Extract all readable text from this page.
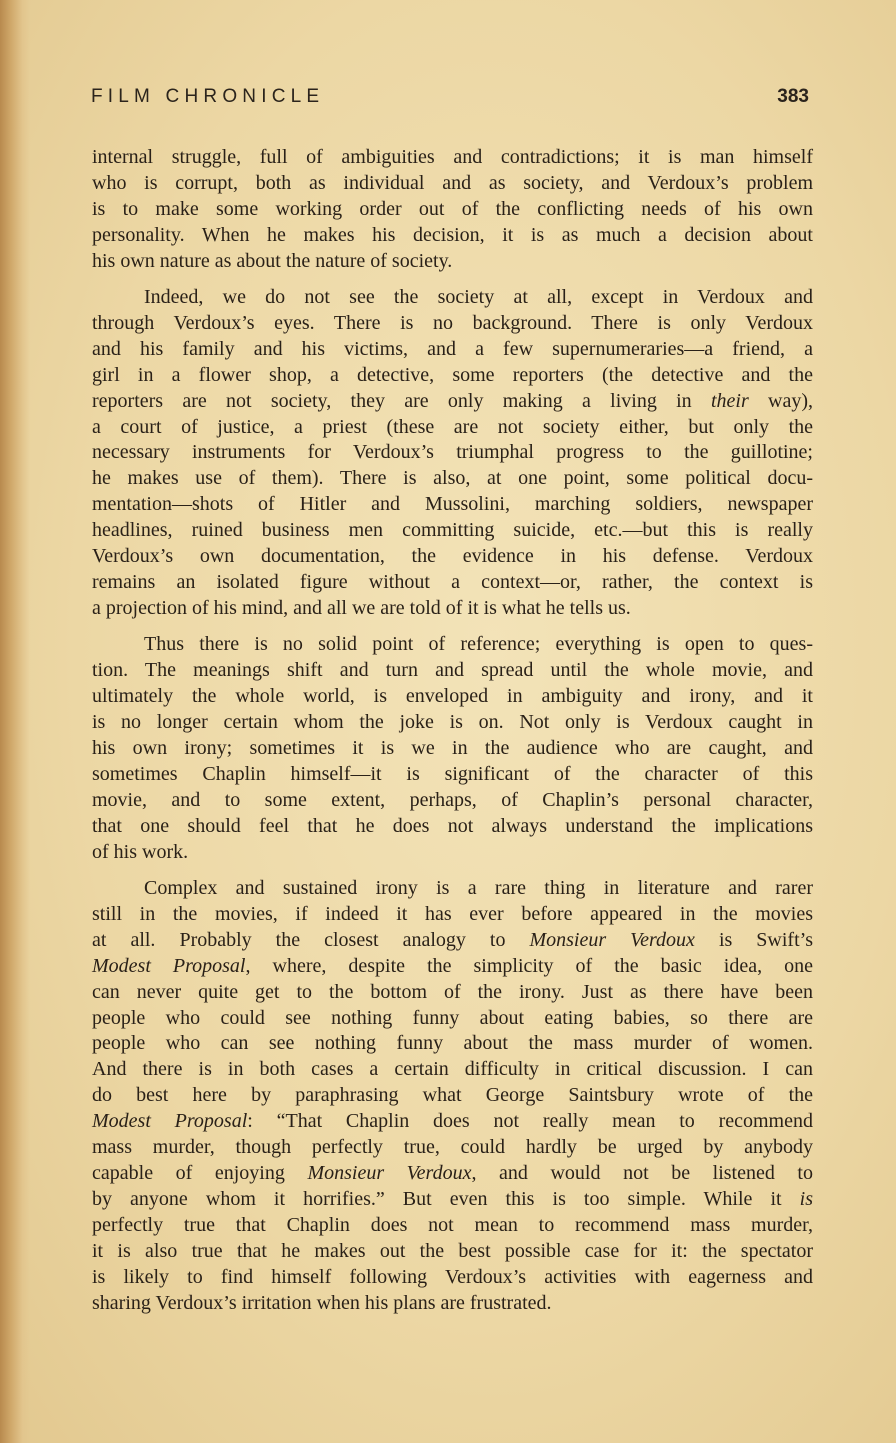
FILM CHRONICLE	383

internal struggle, full of ambiguities and contradictions; it is man himself
who is corrupt, both as individual and as society, and Verdoux’s problem
is to make some working order out of the conflicting needs of his own
personality. When he makes his decision, it is as much a decision about
his own nature as about the nature of society.

Indeed, we do not see the society at all, except in Verdoux and
through Verdoux’s eyes. There is no background. There is only Verdoux
and his family and his victims, and a few supernumeraries—a friend, a
girl in a flower shop, a detective, some reporters (the detective and the
reporters are not society, they are only making a living in their way),
a court of justice, a priest (these are not society either, but only the
necessary instruments for Verdoux’s triumphal progress to the guillotine;
he makes use of them). There is also, at one point, some political docu-
mentation—shots of Hitler and Mussolini, marching soldiers, newspaper
headlines, ruined business men committing suicide, etc.—but this is really
Verdoux’s own documentation, the evidence in his defense. Verdoux
remains an isolated figure without a context—or, rather, the context is
a projection of his mind, and all we are told of it is what he tells us.

Thus there is no solid point of reference; everything is open to ques-
tion. The meanings shift and turn and spread until the whole movie, and
ultimately the whole world, is enveloped in ambiguity and irony, and it
is no longer certain whom the joke is on. Not only is Verdoux caught in
his own irony; sometimes it is we in the audience who are caught, and
sometimes Chaplin himself—it is significant of the character of this
movie, and to some extent, perhaps, of Chaplin’s personal character,
that one should feel that he does not always understand the implications
of his work.

Complex and sustained irony is a rare thing in literature and rarer
still in the movies, if indeed it has ever before appeared in the movies
at all. Probably the closest analogy to Monsieur Verdoux is Swift’s
Modest Proposal, where, despite the simplicity of the basic idea, one
can never quite get to the bottom of the irony. Just as there have been
people who could see nothing funny about eating babies, so there are
people who can see nothing funny about the mass murder of women.
And there is in both cases a certain difficulty in critical discussion. I can
do best here by paraphrasing what George Saintsbury wrote of the
Modest Proposal: “That Chaplin does not really mean to recommend
mass murder, though perfectly true, could hardly be urged by anybody
capable of enjoying Monsieur Verdoux, and would not be listened to
by anyone whom it horrifies.” But even this is too simple. While it is
perfectly true that Chaplin does not mean to recommend mass murder,
it is also true that he makes out the best possible case for it: the spectator
is likely to find himself following Verdoux’s activities with eagerness and
sharing Verdoux’s irritation when his plans are frustrated.
